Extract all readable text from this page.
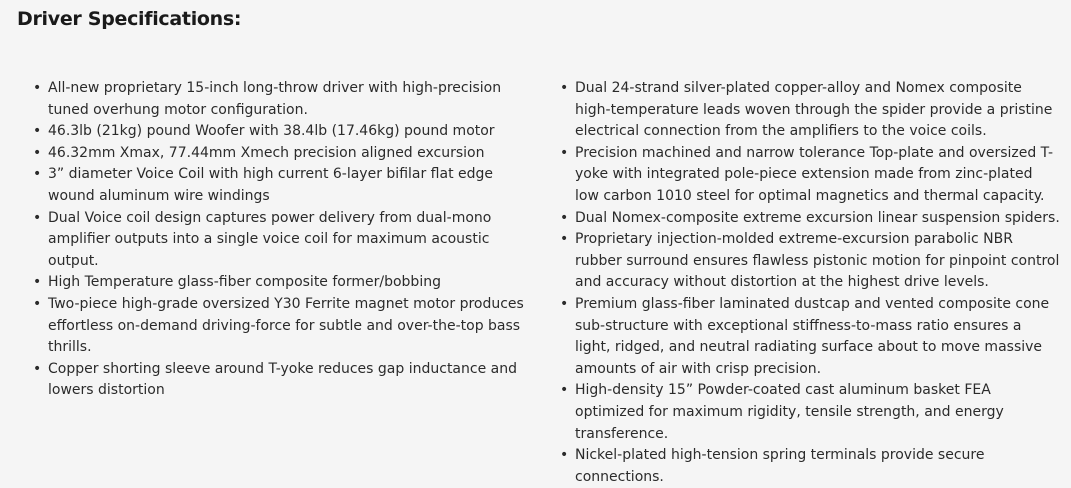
Driver Specifications:
• All-new proprietary 15-inch long-throw driver with high-precision tuned overhung motor configuration.
• 46.3lb (21kg) pound Woofer with 38.4lb (17.46kg) pound motor
• 46.32mm Xmax, 77.44mm Xmech precision aligned excursion
• 3” diameter Voice Coil with high current 6-layer bifilar flat edge wound aluminum wire windings
• Dual Voice coil design captures power delivery from dual-mono amplifier outputs into a single voice coil for maximum acoustic output.
• High Temperature glass-fiber composite former/bobbing
• Two-piece high-grade oversized Y30 Ferrite magnet motor produces effortless on-demand driving-force for subtle and over-the-top bass thrills.
• Copper shorting sleeve around T-yoke reduces gap inductance and lowers distortion
• Dual 24-strand silver-plated copper-alloy and Nomex composite high-temperature leads woven through the spider provide a pristine electrical connection from the amplifiers to the voice coils.
• Precision machined and narrow tolerance Top-plate and oversized T-yoke with integrated pole-piece extension made from zinc-plated low carbon 1010 steel for optimal magnetics and thermal capacity.
• Dual Nomex-composite extreme excursion linear suspension spiders.
• Proprietary injection-molded extreme-excursion parabolic NBR rubber surround ensures flawless pistonic motion for pinpoint control and accuracy without distortion at the highest drive levels.
• Premium glass-fiber laminated dustcap and vented composite cone sub-structure with exceptional stiffness-to-mass ratio ensures a light, ridged, and neutral radiating surface about to move massive amounts of air with crisp precision.
• High-density 15” Powder-coated cast aluminum basket FEA optimized for maximum rigidity, tensile strength, and energy transference.
• Nickel-plated high-tension spring terminals provide secure connections.
